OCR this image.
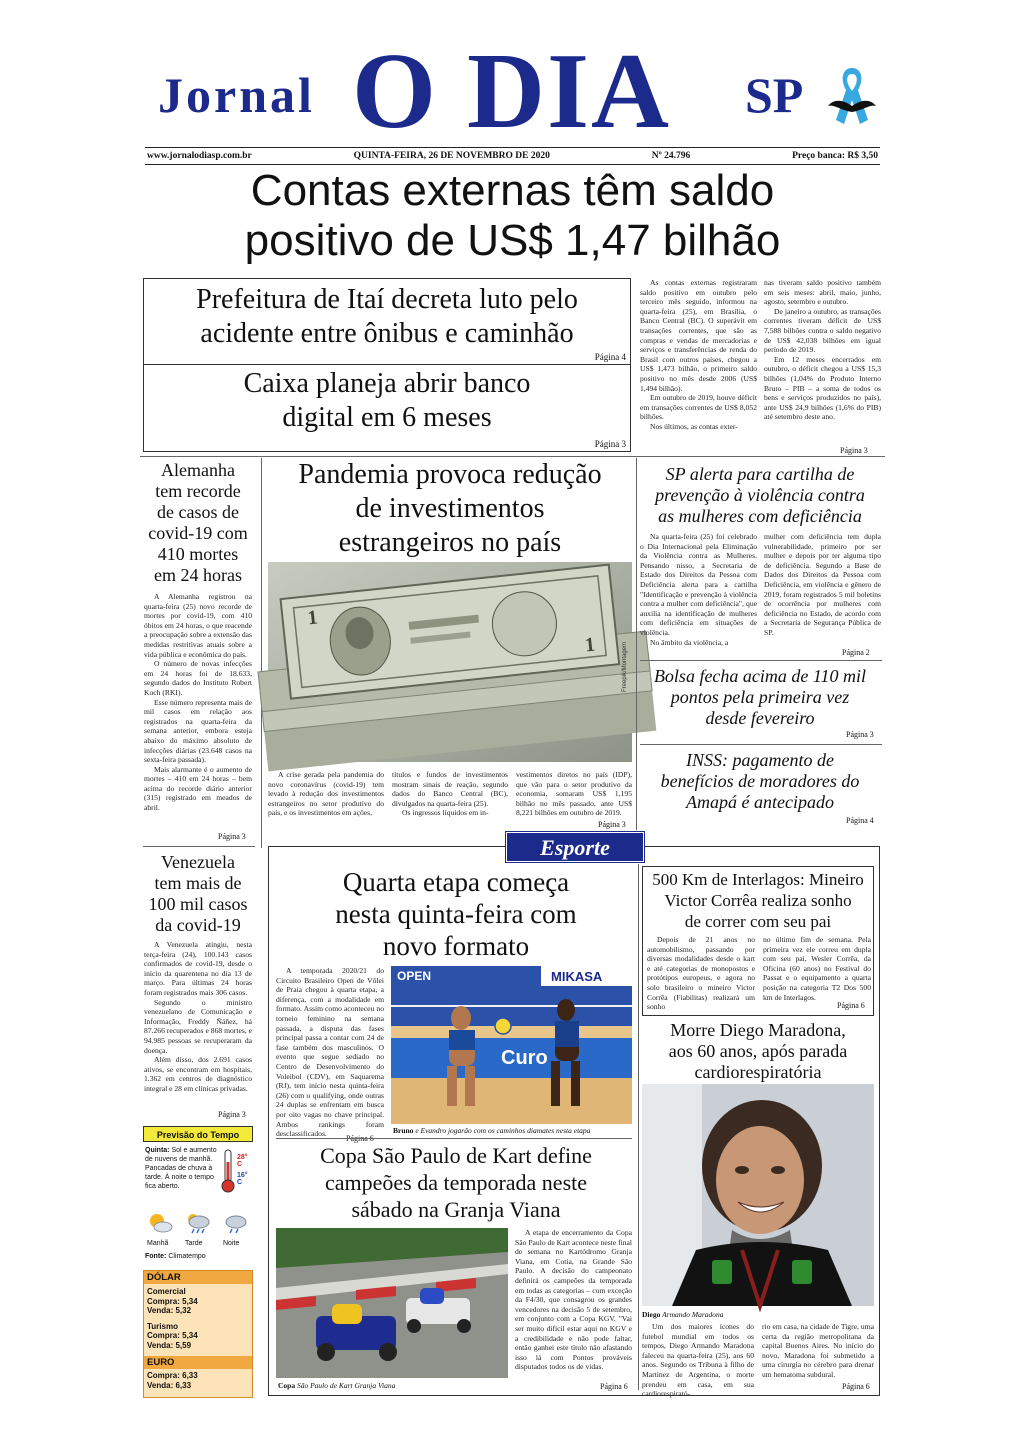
Jornal O DIA SP
www.jornalodiasp.com.br	QUINTA-FEIRA, 26 DE NOVEMBRO DE 2020	Nº 24.796	Preço banca: R$ 3,50
Contas externas têm saldo
positivo de US$ 1,47 bilhão
Prefeitura de Itaí decreta luto pelo
acidente entre ônibus e caminhão
Página 4
Caixa planeja abrir banco
digital em 6 meses
Página 3

As contas externas registraram saldo positivo em outubro pelo terceiro mês seguido, informou na quarta-feira (25), em Brasília, o Banco Central (BC). O superávit em transações correntes, que são as compras e vendas de mercadorias e serviços e transferências de renda do Brasil com outros países, chegou a US$ 1,473 bilhão, o primeiro saldo positivo no mês desde 2006 (US$ 1,494 bilhão).

Em outubro de 2019, houve déficit em transações correntes de US$ 8,052 bilhões.

Nos últimos, as contas exter-

nas tiveram saldo positivo também em seis meses: abril, maio, junho, agosto, setembro e outubro.

De janeiro a outubro, as transações correntes tiveram déficit de US$ 7,588 bilhões contra o saldo negativo de US$ 42,038 bilhões em igual período de 2019.

Em 12 meses encerrados em outubro, o déficit chegou a US$ 15,3 bilhões (1,04% do Produto Interno Bruto – PIB – a soma de todos os bens e serviços produzidos no país), ante US$ 24,9 bilhões (1,6% do PIB) até setembro deste ano.

Página 3
Alemanha
tem recorde
de casos de
covid-19 com
410 mortes
em 24 horas

A Alemanha registrou na quarta-feira (25) novo recorde de mortes por covid-19, com 410 óbitos em 24 horas, o que reacende a preocupação sobre a extensão das medidas restritivas atuais sobre a vida pública e econômica do país.

O número de novas infecções em 24 horas foi de 18.633, segundo dados do Instituto Robert Koch (RKI).

Esse número representa mais de mil casos em relação aos registrados na quarta-feira da semana anterior, embora esteja abaixo do máximo absoluto de infecções diárias (23.648 casos na sexta-feira passada).

Mais alarmante é o aumento de mortes – 410 em 24 horas – bem acima do recorde diário anterior (315) registrado em meados de abril.

Página 3
Pandemia provoca redução
de investimentos
estrangeiros no país
1
1	Freepik/Montagem

A crise gerada pela pandemia do novo coronavírus (covid-19) tem levado à redução dos investimentos estrangeiros no setor produtivo do país, e os investimentos em ações,

títulos e fundos de investimentos mostram sinais de reação, segundo dados do Banco Central (BC), divulgados na quarta-feira (25).

Os ingressos líquidos em in-

vestimentos diretos no país (IDP), que vão para o setor produtivo da economia, somaram US$ 1,195 bilhão no mês passado, ante US$ 8,221 bilhões em outubro de 2019.

Página 3
SP alerta para cartilha de
prevenção à violência contra
as mulheres com deficiência

Na quarta-feira (25) foi celebrado o Dia Internacional pela Eliminação da Violência contra as Mulheres. Pensando nisso, a Secretaria de Estado dos Direitos da Pessoa com Deficiência alerta para a cartilha "Identificação e prevenção à violência contra a mulher com deficiência", que auxilia na identificação de mulheres com deficiência em situações de violência.

No âmbito da violência, a

mulher com deficiência tem dupla vulnerabilidade, primeiro por ser mulher e depois por ter alguma tipo de deficiência. Segundo a Base de Dados dos Direitos da Pessoa com Deficiência, em violência e gênero de 2019, foram registrados 5 mil boletins de ocorrência por mulheres com deficiência no Estado, de acordo com a Secretaria de Segurança Pública de SP.

Página 2
Bolsa fecha acima de 110 mil
pontos pela primeira vez
desde fevereiro
Página 3
INSS: pagamento de
benefícios de moradores do
Amapá é antecipado
Página 4
Venezuela
tem mais de
100 mil casos
da covid-19

A Venezuela atingiu, nesta terça-feira (24), 100.143 casos confirmados de covid-19, desde o início da quarentena no dia 13 de março. Para últimas 24 horas foram registrados mais 306 casos.

Segundo o ministro venezuelano de Comunicação e Informação, Freddy Ñáñez, há 87.266 recuperados e 868 mortes, e 94.985 pessoas se recuperaram da doença.

Além disso, dos 2.691 casos ativos, se encontram em hospitais, 1.362 em centros de diagnóstico integral e 28 em clínicas privadas.

Página 3
Previsão do Tempo
Quinta: Sol e aumento de nuvens de manhã. Pancadas de chuva à tarde. À noite o tempo fica aberto.
28° C
16° C
Manhã	Tarde	Noite
Fonte: Climatempo
DÓLAR
Comercial
Compra: 5,34
Venda: 5,32
Turismo
Compra: 5,34
Venda: 5,59
EURO
Compra: 6,33
Venda: 6,33
Esporte
Quarta etapa começa
nesta quinta-feira com
novo formato

A temporada 2020/21 do Circuito Brasileiro Open de Vôlei de Praia chegou à quarta etapa, a diferença, com a modalidade em formato. Assim como aconteceu no torneio feminino na semana passada, a disputa das fases principal passa a contar com 24 de fase também dos masculinos. O evento que segue sediado no Centro de Desenvolvimento do Voleibol (CDV), em Saquarema (RJ), tem início nesta quinta-feira (26) com o qualifying, onde outras 24 duplas se enfrentam em busca por oito vagas no chave principal. Ambos rankings foram desclassificados.

MIKASA
OPEN
Curo
Bruno e Evandro jogarão com os caminhos diamates nesta etapa
Copa São Paulo de Kart define
campeões da temporada neste
sábado na Granja Viana
Copa São Paulo de Kart Granja Viana

A etapa de encerramento da Copa São Paulo de Kart acontece neste final de semana no Kartódromo Granja Viana, em Cotia, na Grande São Paulo. A decisão do campeonato definirá os campeões da temporada em todas as categorias – com exceção da F4/30, que consagrou os grandes vencedores na decisão 5 de setembro, em conjunto com a Copa KGV. "Vai ser muito difícil estar aqui no KGV e a credibilidade e não pode faltar, então ganhei este título não afastando isso lá com Pontos prováveis disputados todos os de vidas.

Página 6
500 Km de Interlagos: Mineiro
Victor Corrêa realiza sonho
de correr com seu pai

Depois de 21 anos no automobilismo, passando por diversas modalidades desde o kart e até categorias de monopostos e protótipos europeus, e agora no solo brasileiro o mineiro Victor Corrêa (Fiabilitas) realizará um sonho

no último fim de semana. Pela primeira vez ele correu em dupla com seu pai, Wesler Corrêa, da Oficina (60 anos) no Festival do Passat e o equipamento a quarta posição na categoria T2 Dos 500 km de Interlagos.

Página 6
Morre Diego Maradona,
aos 60 anos, após parada
cardiorespiratória
Diego Armando Maradona

Um dos maiores ícones do futebol mundial em todos os tempos, Diego Armando Maradona faleceu na quarta-feira (25), aos 60 anos. Segundo os Tribuna à filho de Martinez de Argentina, o morte prendeu em casa, em sua cardiorespirató-

rio em casa, na cidade de Tigre, uma certa da região metropolitana da capital Buenos Aires. No início do novo, Maradona foi submetido a uma cirurgia no cérebro para drenar um hematoma subdural.

Página 6
